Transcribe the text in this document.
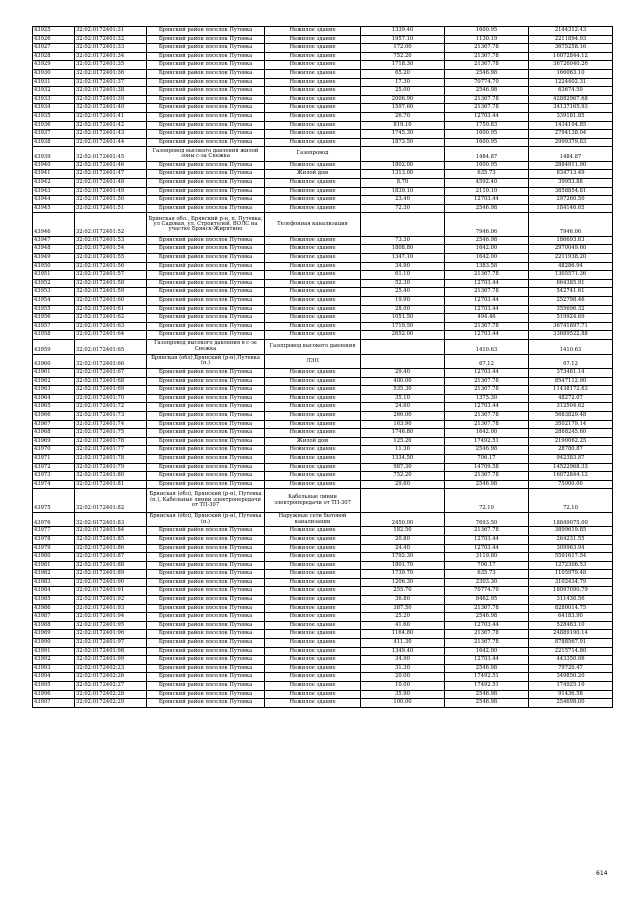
43925	32:02:0172401:31	Брянский район поселок Путевка	Нежилое здание	1339.40	1600.95	2144312.43
43926	32:02:0172401:32	Брянский район поселок Путевка	Нежилое здание	1957.10	1130.19	2211894.93
43927	32:02:0172401:33	Брянский район поселок Путевка	Нежилое здание	172.00	21367.78	3675258.16
43928	32:02:0172401:34	Брянский район поселок Путевка	Нежилое здание	752.20	21367.78	16072844.12
43929	32:02:0172401:35	Брянский район поселок Путевка	Нежилое здание	1718.30	21367.78	36726040.26
43930	32:02:0172401:36	Брянский район поселок Путевка	Нежилое здание	65.20	2546.98	166063.10
43931	32:02:0172401:37	Брянский район поселок Путевка	Нежилое здание	17.30	70774.70	1224402.31
43932	32:02:0172401:38	Брянский район поселок Путевка	Нежилое здание	25.00	2546.98	63674.50
43933	32:02:0172401:39	Брянский район поселок Путевка	Нежилое здание	2006.90	21367.78	42882967.68
43934	32:02:0172401:40	Брянский район поселок Путевка	Нежилое здание	1597.60	21367.78	34137165.93
43935	32:02:0172401:41	Брянский район поселок Путевка	Нежилое здание	26.70	12703.44	339181.85
43936	32:02:0172401:42	Брянский район поселок Путевка	Нежилое здание	819.10	1750.83	1434104.85
43937	32:02:0172401:43	Брянский район поселок Путевка	Нежилое здание	1745.30	1600.95	2794138.04
43938	32:02:0172401:44	Брянский район поселок Путевка	Нежилое здание	1873.50	1600.95	2999379.83
43939	32:02:0172401:45	Газопровод высокого давления жилой зоны с-за Снежка	Газопровод		1484.87	1484.87
43940	32:02:0172401:46	Брянский район поселок Путевка	Нежилое здание	1802.00	1600.95	2884911.90
43941	32:02:0172401:47	Брянский район поселок Путевка	Жилой дом	1313.00	635.73	834713.49
43942	32:02:0172401:48	Брянский район поселок Путевка	Нежилое здание	8.70	4592.40	39953.88
43943	32:02:0172401:49	Брянский район поселок Путевка	Нежилое здание	1839.10	2110.10	3858854.81
43944	32:02:0172401:50	Брянский район поселок Путевка	Нежилое здание	23.40	12703.44	297260.50
43945	32:02:0172401:51	Брянский район поселок Путевка	Нежилое здание	72.30	2546.98	184146.65
43946	32:02:0172401:52	Брянская обл., Брянский р-н, п. Путевка, ул Садовая, ул. Строителей, ВОЛС на участке Брянск-Жирятино	Телефонная канализация		7946.06	7946.06
43947	32:02:0172401:53	Брянский район поселок Путевка	Нежилое здание	73.30	2546.98	186693.63
43948	32:02:0172401:54	Брянский район поселок Путевка	Нежилое здание	1808.80	1642.00	2970049.60
43949	32:02:0172401:55	Брянский район поселок Путевка	Нежилое здание	1347.10	1642.00	2211938.20
43950	32:02:0172401:56	Брянский район поселок Путевка	Нежилое здание	34.90	1383.58	48286.94
43951	32:02:0172401:57	Брянский район поселок Путевка	Нежилое здание	61.10	21367.78	1305571.36
43952	32:02:0172401:58	Брянский район поселок Путевка	Нежилое здание	52.30	12703.44	664385.91
43953	32:02:0172401:59	Брянский район поселок Путевка	Нежилое здание	25.40	21367.78	542741.61
43954	32:02:0172401:60	Брянский район поселок Путевка	Нежилое здание	19.90	12703.44	252798.46
43955	32:02:0172401:61	Брянский район поселок Путевка	Нежилое здание	28.00	12703.44	355696.32
43956	32:02:0172401:62	Брянский район поселок Путевка	Нежилое здание	1051.50	494.46	519924.69
43957	32:02:0172401:63	Брянский район поселок Путевка	Нежилое здание	1719.50	21367.78	36741897.71
43958	32:02:0172401:64	Брянский район поселок Путевка	Нежилое здание	2652.00	12703.44	33689522.88
43959	32:02:0172401:65	Газопровод высокого давления в с-зе Снежка	Газопровод высокого давления		1410.63	1410.63
43960	32:02:0172401:66	Брянская (обл),Брянский (р-н),Путевка (п.)	ЛЭП		67.12	67.12
43961	32:02:0172401:67	Брянский район поселок Путевка	Нежилое здание	29.40	12703.44	373481.14
43962	32:02:0172401:68	Брянский район поселок Путевка	Нежилое здание	400.00	21367.78	8547112.00
43963	32:02:0172401:69	Брянский район поселок Путевка	Нежилое здание	535.30	21367.78	11438172.63
43964	32:02:0172401:70	Брянский район поселок Путевка	Нежилое здание	35.10	1375.30	48272.07
43965	32:02:0172401:72	Брянский район поселок Путевка	Нежилое здание	24.60	12703.44	312504.62
43966	32:02:0172401:73	Брянский район поселок Путевка	Нежилое здание	266.00	21367.78	5683829.48
43967	32:02:0172401:74	Брянский район поселок Путевка	Нежилое здание	163.90	21367.78	3502179.14
43968	32:02:0172401:75	Брянский район поселок Путевка	Нежилое здание	1746.80	1642.00	2868245.60
43969	32:02:0172401:76	Брянский район поселок Путевка	Жилой дом	125.20	17492.51	2190062.25
43970	32:02:0172401:77	Брянский район поселок Путевка	Нежилое здание	11.30	2546.98	28780.87
43971	32:02:0172401:78	Брянский район поселок Путевка	Нежилое здание	1334.50	706.17	942383.87
43972	32:02:0172401:79	Брянский район поселок Путевка	Нежилое здание	987.30	14709.58	14522968.33
43973	32:02:0172401:80	Брянский район поселок Путевка	Нежилое здание	752.20	21367.78	16072844.12
43974	32:02:0172401:81	Брянский район поселок Путевка	Нежилое здание	29.80	2546.98	75900.00
43975	32:02:0172401:82	Брянская (обл), Брянский (р-н), Путевка (п.), Кабельные линии электропередачи от ТП-307	Кабельные линии электропередачи от ТП-307		72.10	72.10
43976	32:02:0172401:83	Брянская (обл), Брянский (р-н), Путевка (п.)	Наружные сети бытовой канализации	2450.00	7693.50	18849075.00
43977	32:02:0172401:84	Брянский район поселок Путевка	Нежилое здание	182.50	21367.78	3899619.85
43978	32:02:0172401:85	Брянский район поселок Путевка	Нежилое здание	20.80	12703.44	264231.55
43979	32:02:0172401:86	Брянский район поселок Путевка	Нежилое здание	24.40	12703.44	309963.94
43980	32:02:0172401:87	Брянский район поселок Путевка	Нежилое здание	1792.30	3119.80	5591617.54
43981	32:02:0172401:88	Брянский район поселок Путевка	Нежилое здание	1801.70	706.17	1272306.53
43982	32:02:0172401:89	Брянский район поселок Путевка	Нежилое здание	1739.70	635.73	1105979.48
43983	32:02:0172401:90	Брянский район поселок Путевка	Нежилое здание	1206.30	2303.30	3102434.79
43984	32:02:0172401:91	Брянский район поселок Путевка	Нежилое здание	255.70	70774.70	18097090.79
43985	32:02:0172401:92	Брянский район поселок Путевка	Нежилое здание	36.80	8462.95	311436.56
43986	32:02:0172401:93	Брянский район поселок Путевка	Нежилое здание	387.50	21367.78	8280014.75
43987	32:02:0172401:94	Брянский район поселок Путевка	Нежилое здание	25.20	2546.98	64183.90
43988	32:02:0172401:95	Брянский район поселок Путевка	Нежилое здание	41.60	12703.44	528463.10
43989	32:02:0172401:96	Брянский район поселок Путевка	Нежилое здание	1164.80	21367.78	24889190.14
43990	32:02:0172401:97	Брянский район поселок Путевка	Нежилое здание	411.30	21367.78	8788567.91
43991	32:02:0172401:98	Брянский район поселок Путевка	Нежилое здание	1349.40	1642.00	2215714.80
43992	32:02:0172401:99	Брянский район поселок Путевка	Нежилое здание	34.90	12703.44	443350.06
43993	32:02:0172402:23	Брянский район поселок Путевка	Нежилое здание	31.30	2546.98	79720.47
43994	32:02:0172402:26	Брянский район поселок Путевка	Нежилое здание	20.00	17492.51	349850.20
43995	32:02:0172402:27	Брянский район поселок Путевка	Нежилое здание	10.00	17492.51	174925.10
43996	32:02:0172402:28	Брянский район поселок Путевка	Нежилое здание	35.90	2546.98	91436.58
43997	32:02:0172402:29	Брянский район поселок Путевка	Нежилое здание	100.00	2546.98	254698.00
614
